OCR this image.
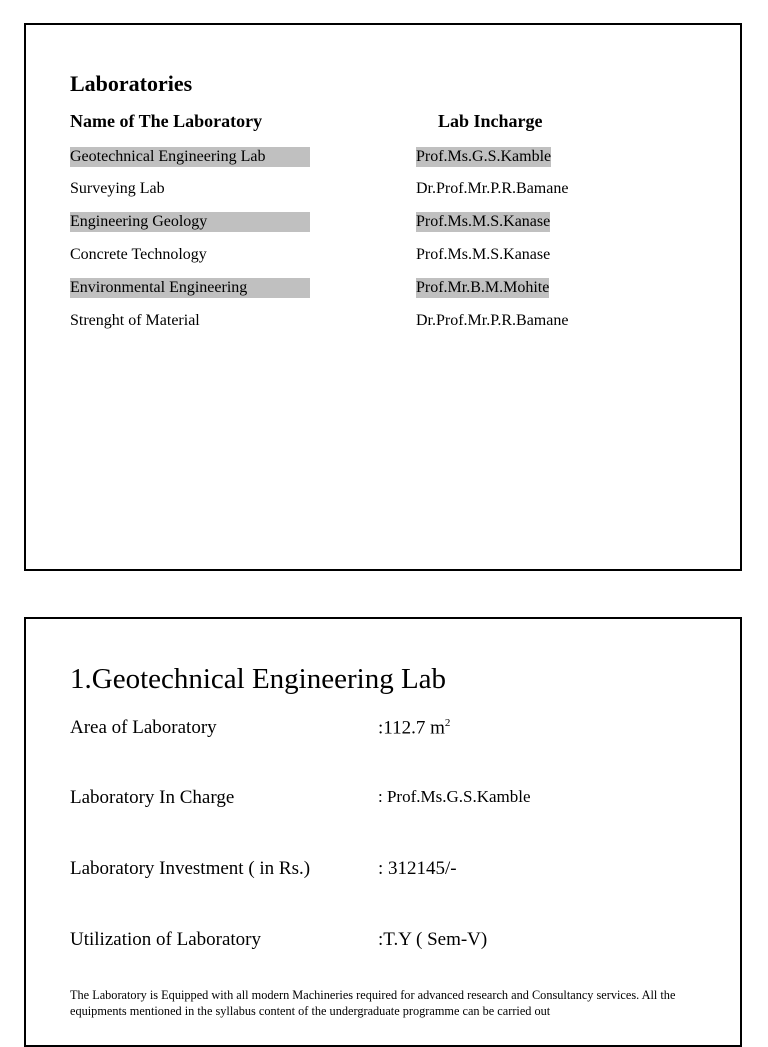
Laboratories
Name of The Laboratory	Lab Incharge
Geotechnical Engineering Lab	Prof.Ms.G.S.Kamble
Surveying Lab	Dr.Prof.Mr.P.R.Bamane
Engineering Geology	Prof.Ms.M.S.Kanase
Concrete Technology	Prof.Ms.M.S.Kanase
Environmental Engineering	Prof.Mr.B.M.Mohite
Strenght of Material	Dr.Prof.Mr.P.R.Bamane
1.Geotechnical Engineering Lab
Area of Laboratory	:112.7 $m^2$
Laboratory In Charge	: Prof.Ms.G.S.Kamble
Laboratory Investment ( in Rs.)	: 312145/-
Utilization of Laboratory	:T.Y ( Sem-V)
The Laboratory is Equipped with all modern Machineries required for advanced research and Consultancy services. All the equipments mentioned in the syllabus content of the undergraduate programme can be carried out
